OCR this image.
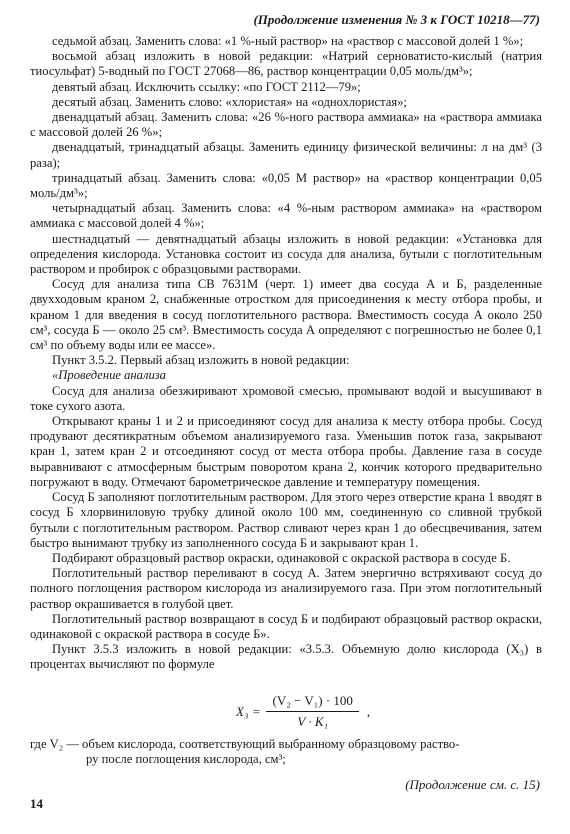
(Продолжение изменения № 3 к ГОСТ 10218—77)

седьмой абзац. Заменить слова: «1 %-ный раствор» на «раствор с массовой долей 1 %»;

восьмой абзац изложить в новой редакции: «Натрий серноватисто-кислый (натрия тиосульфат) 5-водный по ГОСТ 27068—86, раствор концентрации 0,05 моль/дм³»;

девятый абзац. Исключить ссылку: «по ГОСТ 2112—79»;

десятый абзац. Заменить слово: «хлористая» на «однохлористая»;

двенадцатый абзац. Заменить слова: «26 %-ного раствора аммиака» на «раствора аммиака с массовой долей 26 %»;

двенадцатый, тринадцатый абзацы. Заменить единицу физической величины: л на дм³ (3 раза);

тринадцатый абзац. Заменить слова: «0,05 М раствор» на «раствор концентрации 0,05 моль/дм³»;

четырнадцатый абзац. Заменить слова: «4 %-ным раствором аммиака» на «раствором аммиака с массовой долей 4 %»;

шестнадцатый — девятнадцатый абзацы изложить в новой редакции: «Установка для определения кислорода. Установка состоит из сосуда для анализа, бутыли с поглотительным раствором и пробирок с образцовыми растворами.

Сосуд для анализа типа СВ 7631М (черт. 1) имеет два сосуда А и Б, разделенные двухходовым краном 2, снабженные отростком для присоединения к месту отбора пробы, и краном 1 для введения в сосуд поглотительного раствора. Вместимость сосуда А около 250 см³, сосуда Б — около 25 см³. Вместимость сосуда А определяют с погрешностью не более 0,1 см³ по объему воды или ее массе».

Пункт 3.5.2. Первый абзац изложить в новой редакции:

«Проведение анализа

Сосуд для анализа обезжиривают хромовой смесью, промывают водой и высушивают в токе сухого азота.

Открывают краны 1 и 2 и присоединяют сосуд для анализа к месту отбора пробы. Сосуд продувают десятикратным объемом анализируемого газа. Уменьшив поток газа, закрывают кран 1, затем кран 2 и отсоединяют сосуд от места отбора пробы. Давление газа в сосуде выравнивают с атмосферным быстрым поворотом крана 2, кончик которого предварительно погружают в воду. Отмечают барометрическое давление и температуру помещения.

Сосуд Б заполняют поглотительным раствором. Для этого через отверстие крана 1 вводят в сосуд Б хлорвиниловую трубку длиной около 100 мм, соединенную со сливной трубкой бутыли с поглотительным раствором. Раствор сливают через кран 1 до обесцвечивания, затем быстро вынимают трубку из заполненного сосуда Б и закрывают кран 1.

Подбирают образцовый раствор окраски, одинаковой с окраской раствора в сосуде Б.

Поглотительный раствор переливают в сосуд А. Затем энергично встряхивают сосуд до полного поглощения раствором кислорода из анализируемого газа. При этом поглотительный раствор окрашивается в голубой цвет.

Поглотительный раствор возвращают в сосуд Б и подбирают образцовый раствор окраски, одинаковой с окраской раствора в сосуде Б».

Пункт 3.5.3 изложить в новой редакции: «3.5.3. Объемную долю кислорода (X₃) в процентах вычисляют по формуле

$X_3 = \frac{\text{(V₂ − V₁) · 100}}{\text{V · K₁}}$ ,
где V₂ — объем кислорода, соответствующий выбранному образцовому раство-
ру после поглощения кислорода, см³;
(Продолжение см. с. 15)
14
